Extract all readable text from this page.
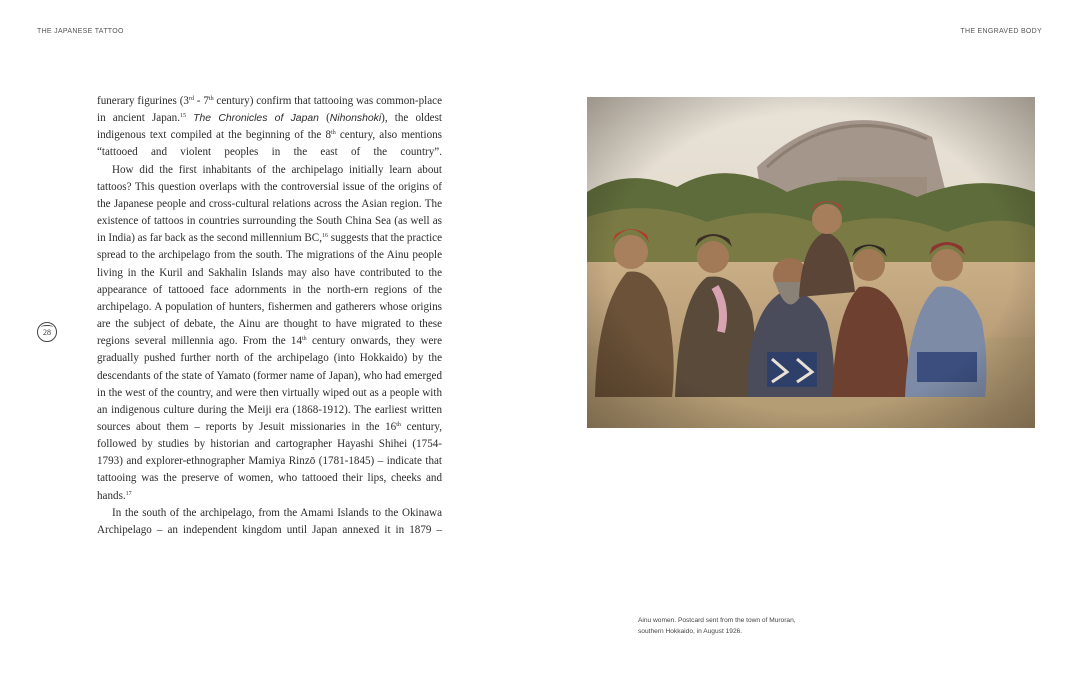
THE JAPANESE TATTOO	THE ENGRAVED BODY
28

funerary figurines (3rd - 7th century) confirm that tattooing was common-place in ancient Japan.$^{15}$ The Chronicles of Japan (Nihonshoki), the oldest indigenous text compiled at the beginning of the 8th century, also mentions “tattooed and violent peoples in the east of the country”.

How did the first inhabitants of the archipelago initially learn about tattoos? This question overlaps with the controversial issue of the origins of the Japanese people and cross-cultural relations across the Asian region. The existence of tattoos in countries surrounding the South China Sea (as well as in India) as far back as the second millennium BC,$^{16}$ suggests that the practice spread to the archipelago from the south. The migrations of the Ainu people living in the Kuril and Sakhalin Islands may also have contributed to the appearance of tattooed face adornments in the north-ern regions of the archipelago. A population of hunters, fishermen and gatherers whose origins are the subject of debate, the Ainu are thought to have migrated to these regions several millennia ago. From the 14th century onwards, they were gradually pushed further north of the archipelago (into Hokkaido) by the descendants of the state of Yamato (former name of Japan), who had emerged in the west of the country, and were then virtually wiped out as a people with an indigenous culture during the Meiji era (1868-1912). The earliest written sources about them – reports by Jesuit missionaries in the 16th century, followed by studies by historian and cartographer Hayashi Shihei (1754-1793) and explorer-ethnographer Mamiya Rinzō (1781-1845) – indicate that tattooing was the preserve of women, who tattooed their lips, cheeks and hands.$^{17}$

In the south of the archipelago, from the Amami Islands to the Okinawa Archipelago – an independent kingdom until Japan annexed it in 1879 –

Ainu women. Postcard sent from the town of Muroran,
southern Hokkaido, in August 1926.
